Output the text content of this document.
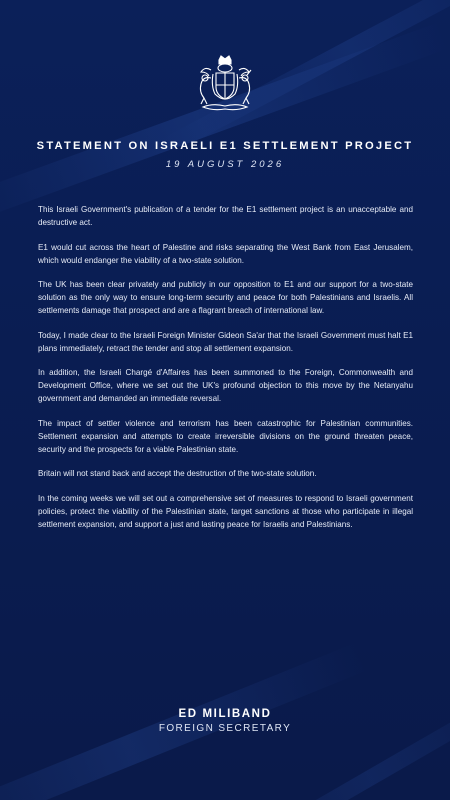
STATEMENT ON ISRAELI E1 SETTLEMENT PROJECT
19 AUGUST 2026

This Israeli Government's publication of a tender for the E1 settlement project is an unacceptable and destructive act.

E1 would cut across the heart of Palestine and risks separating the West Bank from East Jerusalem, which would endanger the viability of a two-state solution.

The UK has been clear privately and publicly in our opposition to E1 and our support for a two-state solution as the only way to ensure long-term security and peace for both Palestinians and Israelis. All settlements damage that prospect and are a flagrant breach of international law.

Today, I made clear to the Israeli Foreign Minister Gideon Sa'ar that the Israeli Government must halt E1 plans immediately, retract the tender and stop all settlement expansion.

In addition, the Israeli Chargé d'Affaires has been summoned to the Foreign, Commonwealth and Development Office, where we set out the UK's profound objection to this move by the Netanyahu government and demanded an immediate reversal.

The impact of settler violence and terrorism has been catastrophic for Palestinian communities. Settlement expansion and attempts to create irreversible divisions on the ground threaten peace, security and the prospects for a viable Palestinian state.

Britain will not stand back and accept the destruction of the two-state solution.

In the coming weeks we will set out a comprehensive set of measures to respond to Israeli government policies, protect the viability of the Palestinian state, target sanctions at those who participate in illegal settlement expansion, and support a just and lasting peace for Israelis and Palestinians.

ED MILIBAND
FOREIGN SECRETARY
